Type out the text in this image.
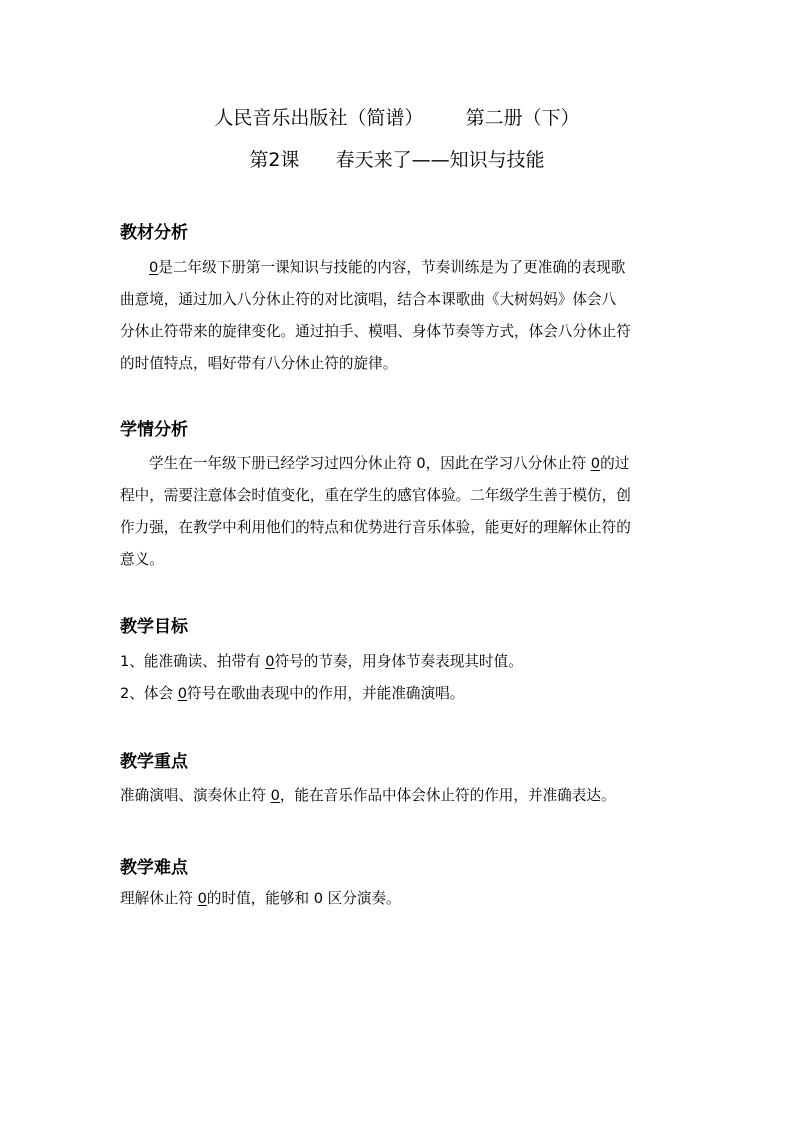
人民音乐出版社（简谱）       第二册（下）
第2课      春天来了——知识与技能
教材分析
0是二年级下册第一课知识与技能的内容，节奏训练是为了更准确的表现歌
曲意境，通过加入八分休止符的对比演唱，结合本课歌曲《大树妈妈》体会八
分休止符带来的旋律变化。通过拍手、模唱、身体节奏等方式，体会八分休止符
的时值特点，唱好带有八分休止符的旋律。
学情分析
学生在一年级下册已经学习过四分休止符 0，因此在学习八分休止符 0的过
程中，需要注意体会时值变化，重在学生的感官体验。二年级学生善于模仿，创
作力强，在教学中利用他们的特点和优势进行音乐体验，能更好的理解休止符的
意义。
教学目标
1、能准确读、拍带有 0符号的节奏，用身体节奏表现其时值。
2、体会 0符号在歌曲表现中的作用，并能准确演唱。
教学重点
准确演唱、演奏休止符 0，能在音乐作品中体会休止符的作用，并准确表达。
教学难点
理解休止符 0的时值，能够和 0 区分演奏。
